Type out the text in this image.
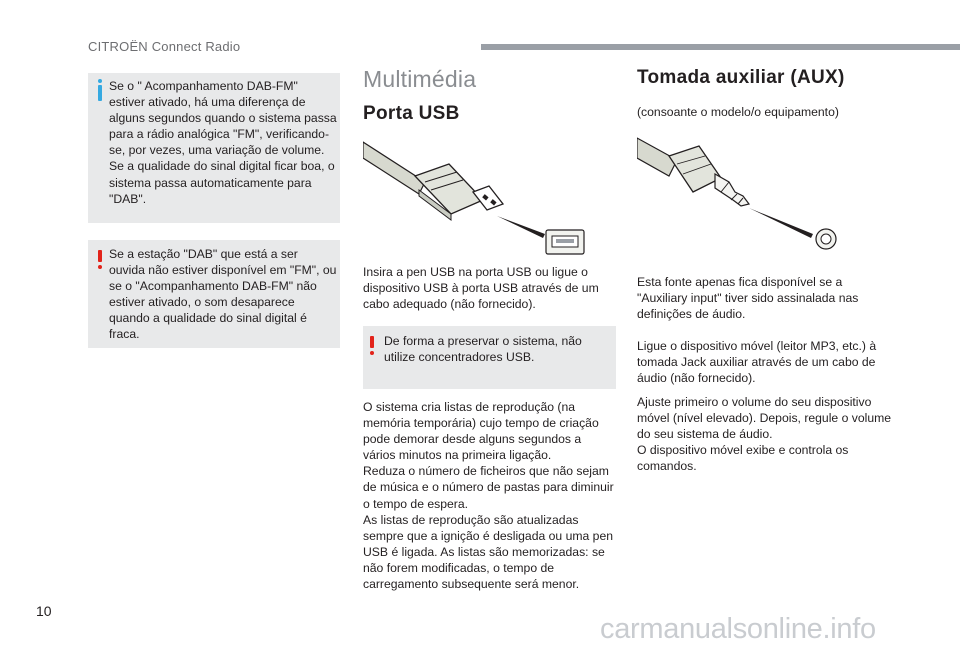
CITROËN Connect Radio
Se o " Acompanhamento DAB-FM" estiver ativado, há uma diferença de alguns segundos quando o sistema passa para a rádio analógica "FM", verificando-se, por vezes, uma variação de volume.
Se a qualidade do sinal digital ficar boa, o sistema passa automaticamente para "DAB".
Se a estação "DAB" que está a ser ouvida não estiver disponível em "FM", ou se o "Acompanhamento DAB-FM" não estiver ativado, o som desaparece quando a qualidade do sinal digital é fraca.
Multimédia
Porta USB

Insira a pen USB na porta USB ou ligue o dispositivo USB à porta USB através de um cabo adequado (não fornecido).

De forma a preservar o sistema, não utilize concentradores USB.

O sistema cria listas de reprodução (na memória temporária) cujo tempo de criação pode demorar desde alguns segundos a vários minutos na primeira ligação.
Reduza o número de ficheiros que não sejam de música e o número de pastas para diminuir o tempo de espera.
As listas de reprodução são atualizadas sempre que a ignição é desligada ou uma pen USB é ligada. As listas são memorizadas: se não forem modificadas, o tempo de carregamento subsequente será menor.

Tomada auxiliar (AUX)

(consoante o modelo/o equipamento)

Esta fonte apenas fica disponível se a "Auxiliary input" tiver sido assinalada nas definições de áudio.

Ligue o dispositivo móvel (leitor MP3, etc.) à tomada Jack auxiliar através de um cabo de áudio (não fornecido).

Ajuste primeiro o volume do seu dispositivo móvel (nível elevado). Depois, regule o volume do seu sistema de áudio.
O dispositivo móvel exibe e controla os comandos.

10
carmanualsonline.info
